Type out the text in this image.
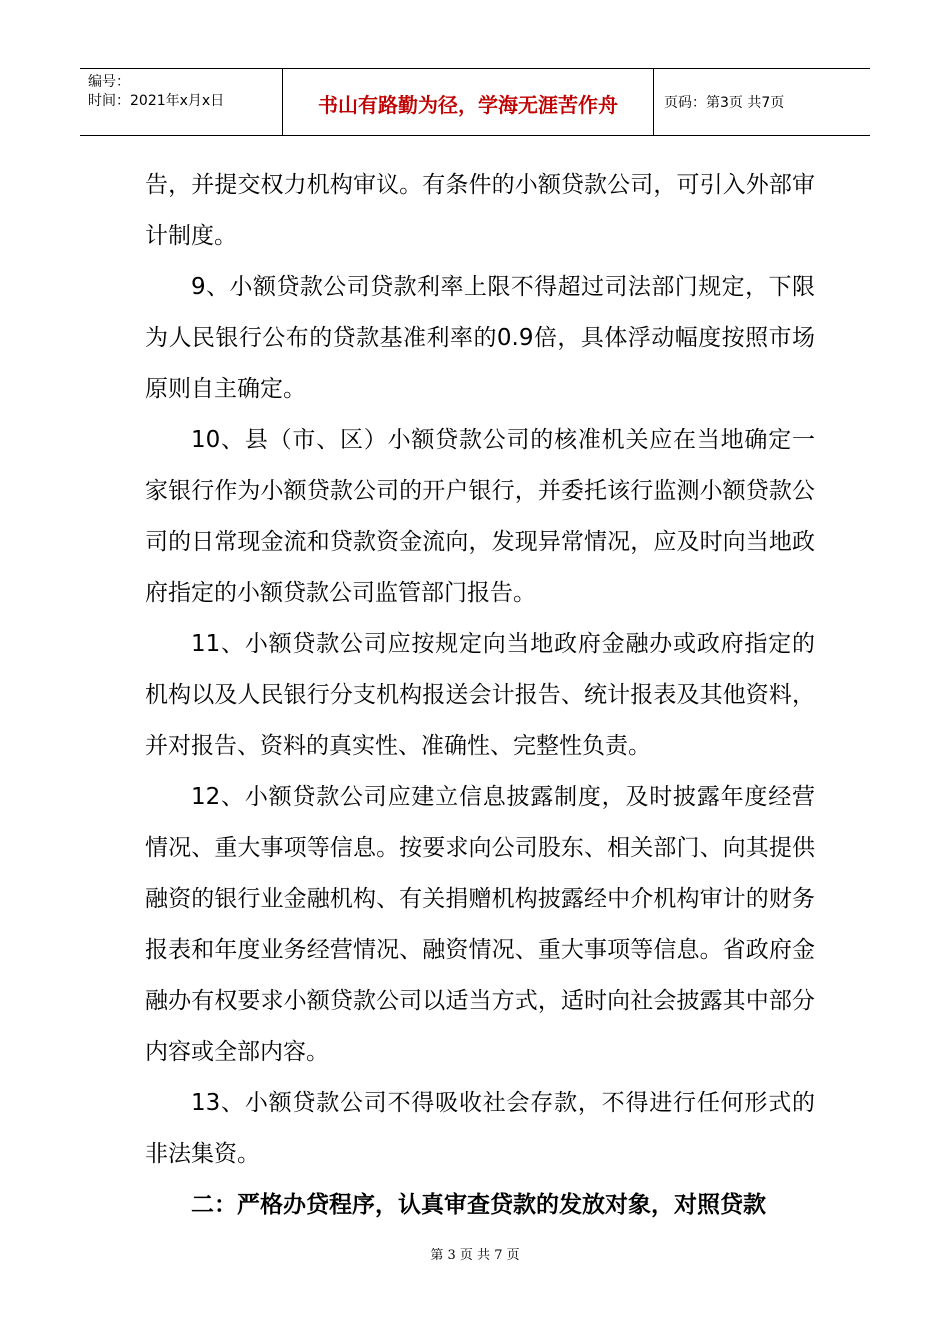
编号：
时间：2021年x月x日	书山有路勤为径，学海无涯苦作舟	页码：第3页 共7页

告，并提交权力机构审议。有条件的小额贷款公司，可引入外部审计制度。

9、小额贷款公司贷款利率上限不得超过司法部门规定，下限为人民银行公布的贷款基准利率的0.9倍，具体浮动幅度按照市场原则自主确定。

10、县（市、区）小额贷款公司的核准机关应在当地确定一家银行作为小额贷款公司的开户银行，并委托该行监测小额贷款公司的日常现金流和贷款资金流向，发现异常情况，应及时向当地政府指定的小额贷款公司监管部门报告。

11、小额贷款公司应按规定向当地政府金融办或政府指定的机构以及人民银行分支机构报送会计报告、统计报表及其他资料，并对报告、资料的真实性、准确性、完整性负责。

12、小额贷款公司应建立信息披露制度，及时披露年度经营情况、重大事项等信息。按要求向公司股东、相关部门、向其提供融资的银行业金融机构、有关捐赠机构披露经中介机构审计的财务报表和年度业务经营情况、融资情况、重大事项等信息。省政府金融办有权要求小额贷款公司以适当方式，适时向社会披露其中部分内容或全部内容。

13、小额贷款公司不得吸收社会存款，不得进行任何形式的非法集资。

二：严格办贷程序，认真审查贷款的发放对象，对照贷款

第 3 页 共 7 页
